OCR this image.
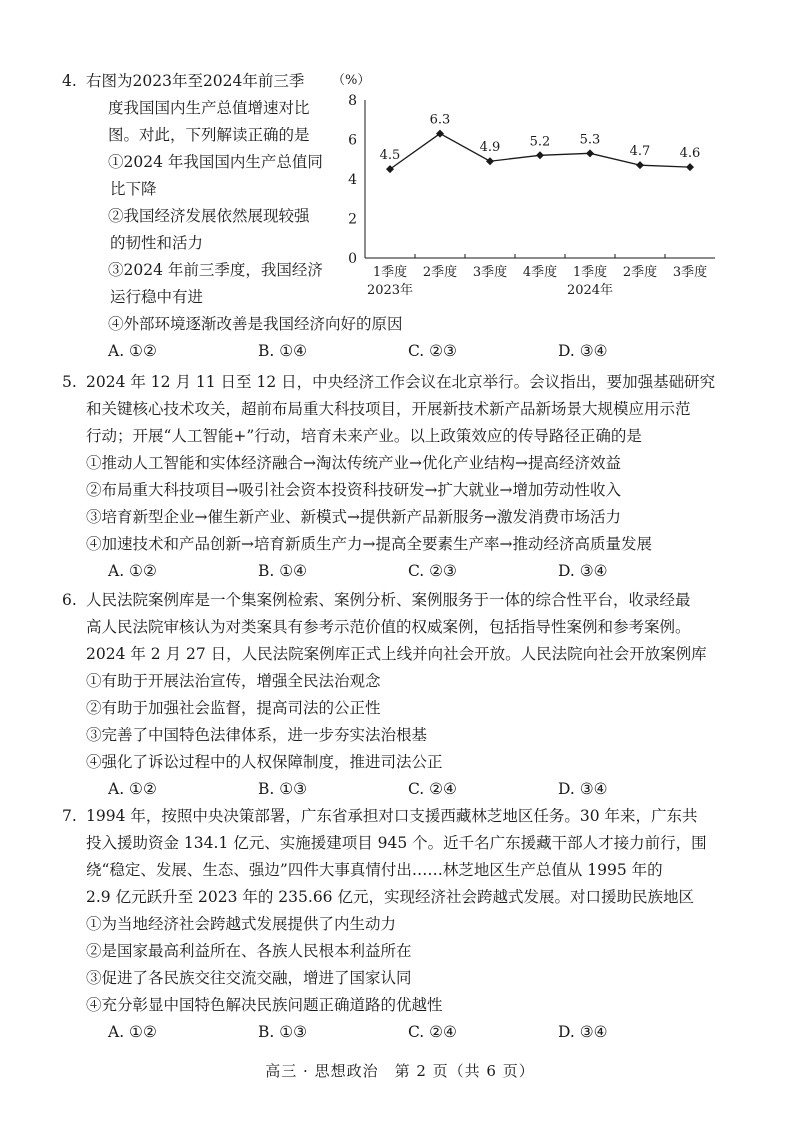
4. 右图为2023年至2024年前三季
度我国国内生产总值增速对比
图。对此，下列解读正确的是
①2024 年我国国内生产总值同
比下降
②我国经济发展依然展现较强
的韧性和活力
③2024 年前三季度，我国经济
运行稳中有进
④外部环境逐渐改善是我国经济向好的原因
A. ①②	B. ①④	C. ②③	D. ③④
（%）
0
2
4
6
8
1季度 2季度 3季度 4季度 1季度 2季度 3季度
2023年	2024年
4.5
6.3
4.9 5.2 5.3
4.7 4.6
5. 2024 年 12 月 11 日至 12 日，中央经济工作会议在北京举行。会议指出，要加强基础研究
和关键核心技术攻关，超前布局重大科技项目，开展新技术新产品新场景大规模应用示范
行动；开展“人工智能+”行动，培育未来产业。以上政策效应的传导路径正确的是
①推动人工智能和实体经济融合→淘汰传统产业→优化产业结构→提高经济效益
②布局重大科技项目→吸引社会资本投资科技研发→扩大就业→增加劳动性收入
③培育新型企业→催生新产业、新模式→提供新产品新服务→激发消费市场活力
④加速技术和产品创新→培育新质生产力→提高全要素生产率→推动经济高质量发展
A. ①②	B. ①④	C. ②③	D. ③④
6. 人民法院案例库是一个集案例检索、案例分析、案例服务于一体的综合性平台，收录经最
高人民法院审核认为对类案具有参考示范价值的权威案例，包括指导性案例和参考案例。
2024 年 2 月 27 日，人民法院案例库正式上线并向社会开放。人民法院向社会开放案例库
①有助于开展法治宣传，增强全民法治观念
②有助于加强社会监督，提高司法的公正性
③完善了中国特色法律体系，进一步夯实法治根基
④强化了诉讼过程中的人权保障制度，推进司法公正
A. ①②	B. ①③	C. ②④	D. ③④
7. 1994 年，按照中央决策部署，广东省承担对口支援西藏林芝地区任务。30 年来，广东共
投入援助资金 134.1 亿元、实施援建项目 945 个。近千名广东援藏干部人才接力前行，围
绕“稳定、发展、生态、强边”四件大事真情付出……林芝地区生产总值从 1995 年的
2.9 亿元跃升至 2023 年的 235.66 亿元，实现经济社会跨越式发展。对口援助民族地区
①为当地经济社会跨越式发展提供了内生动力
②是国家最高利益所在、各族人民根本利益所在
③促进了各民族交往交流交融，增进了国家认同
④充分彰显中国特色解决民族问题正确道路的优越性
A. ①②	B. ①③	C. ②④	D. ③④
高三 · 思想政治　第 2 页（共 6 页）
